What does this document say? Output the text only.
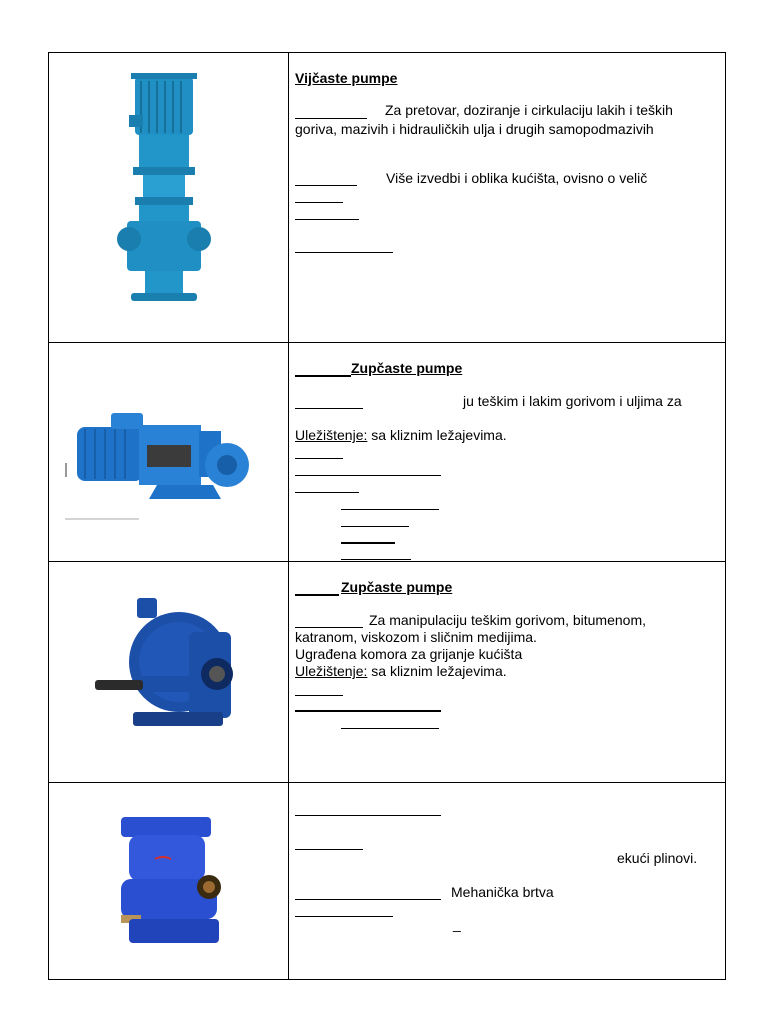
Vijčaste pumpe
Za pretovar, doziranje i cirkulaciju lakih i teških
goriva, mazivih i hidrauličkih ulja i drugih samopodmazivih
Više izvedbi i oblika kućišta, ovisno o velič
Zupčaste pumpe
ju teškim i lakim gorivom i uljima za
Uležištenje: sa kliznim ležajevima.
Zupčaste pumpe
Za manipulaciju teškim gorivom, bitumenom,
katranom, viskozom i sličnim medijima.
Ugrađena komora za grijanje kućišta
Uležištenje: sa kliznim ležajevima.
ekući plinovi.
Mehanička brtva
_
